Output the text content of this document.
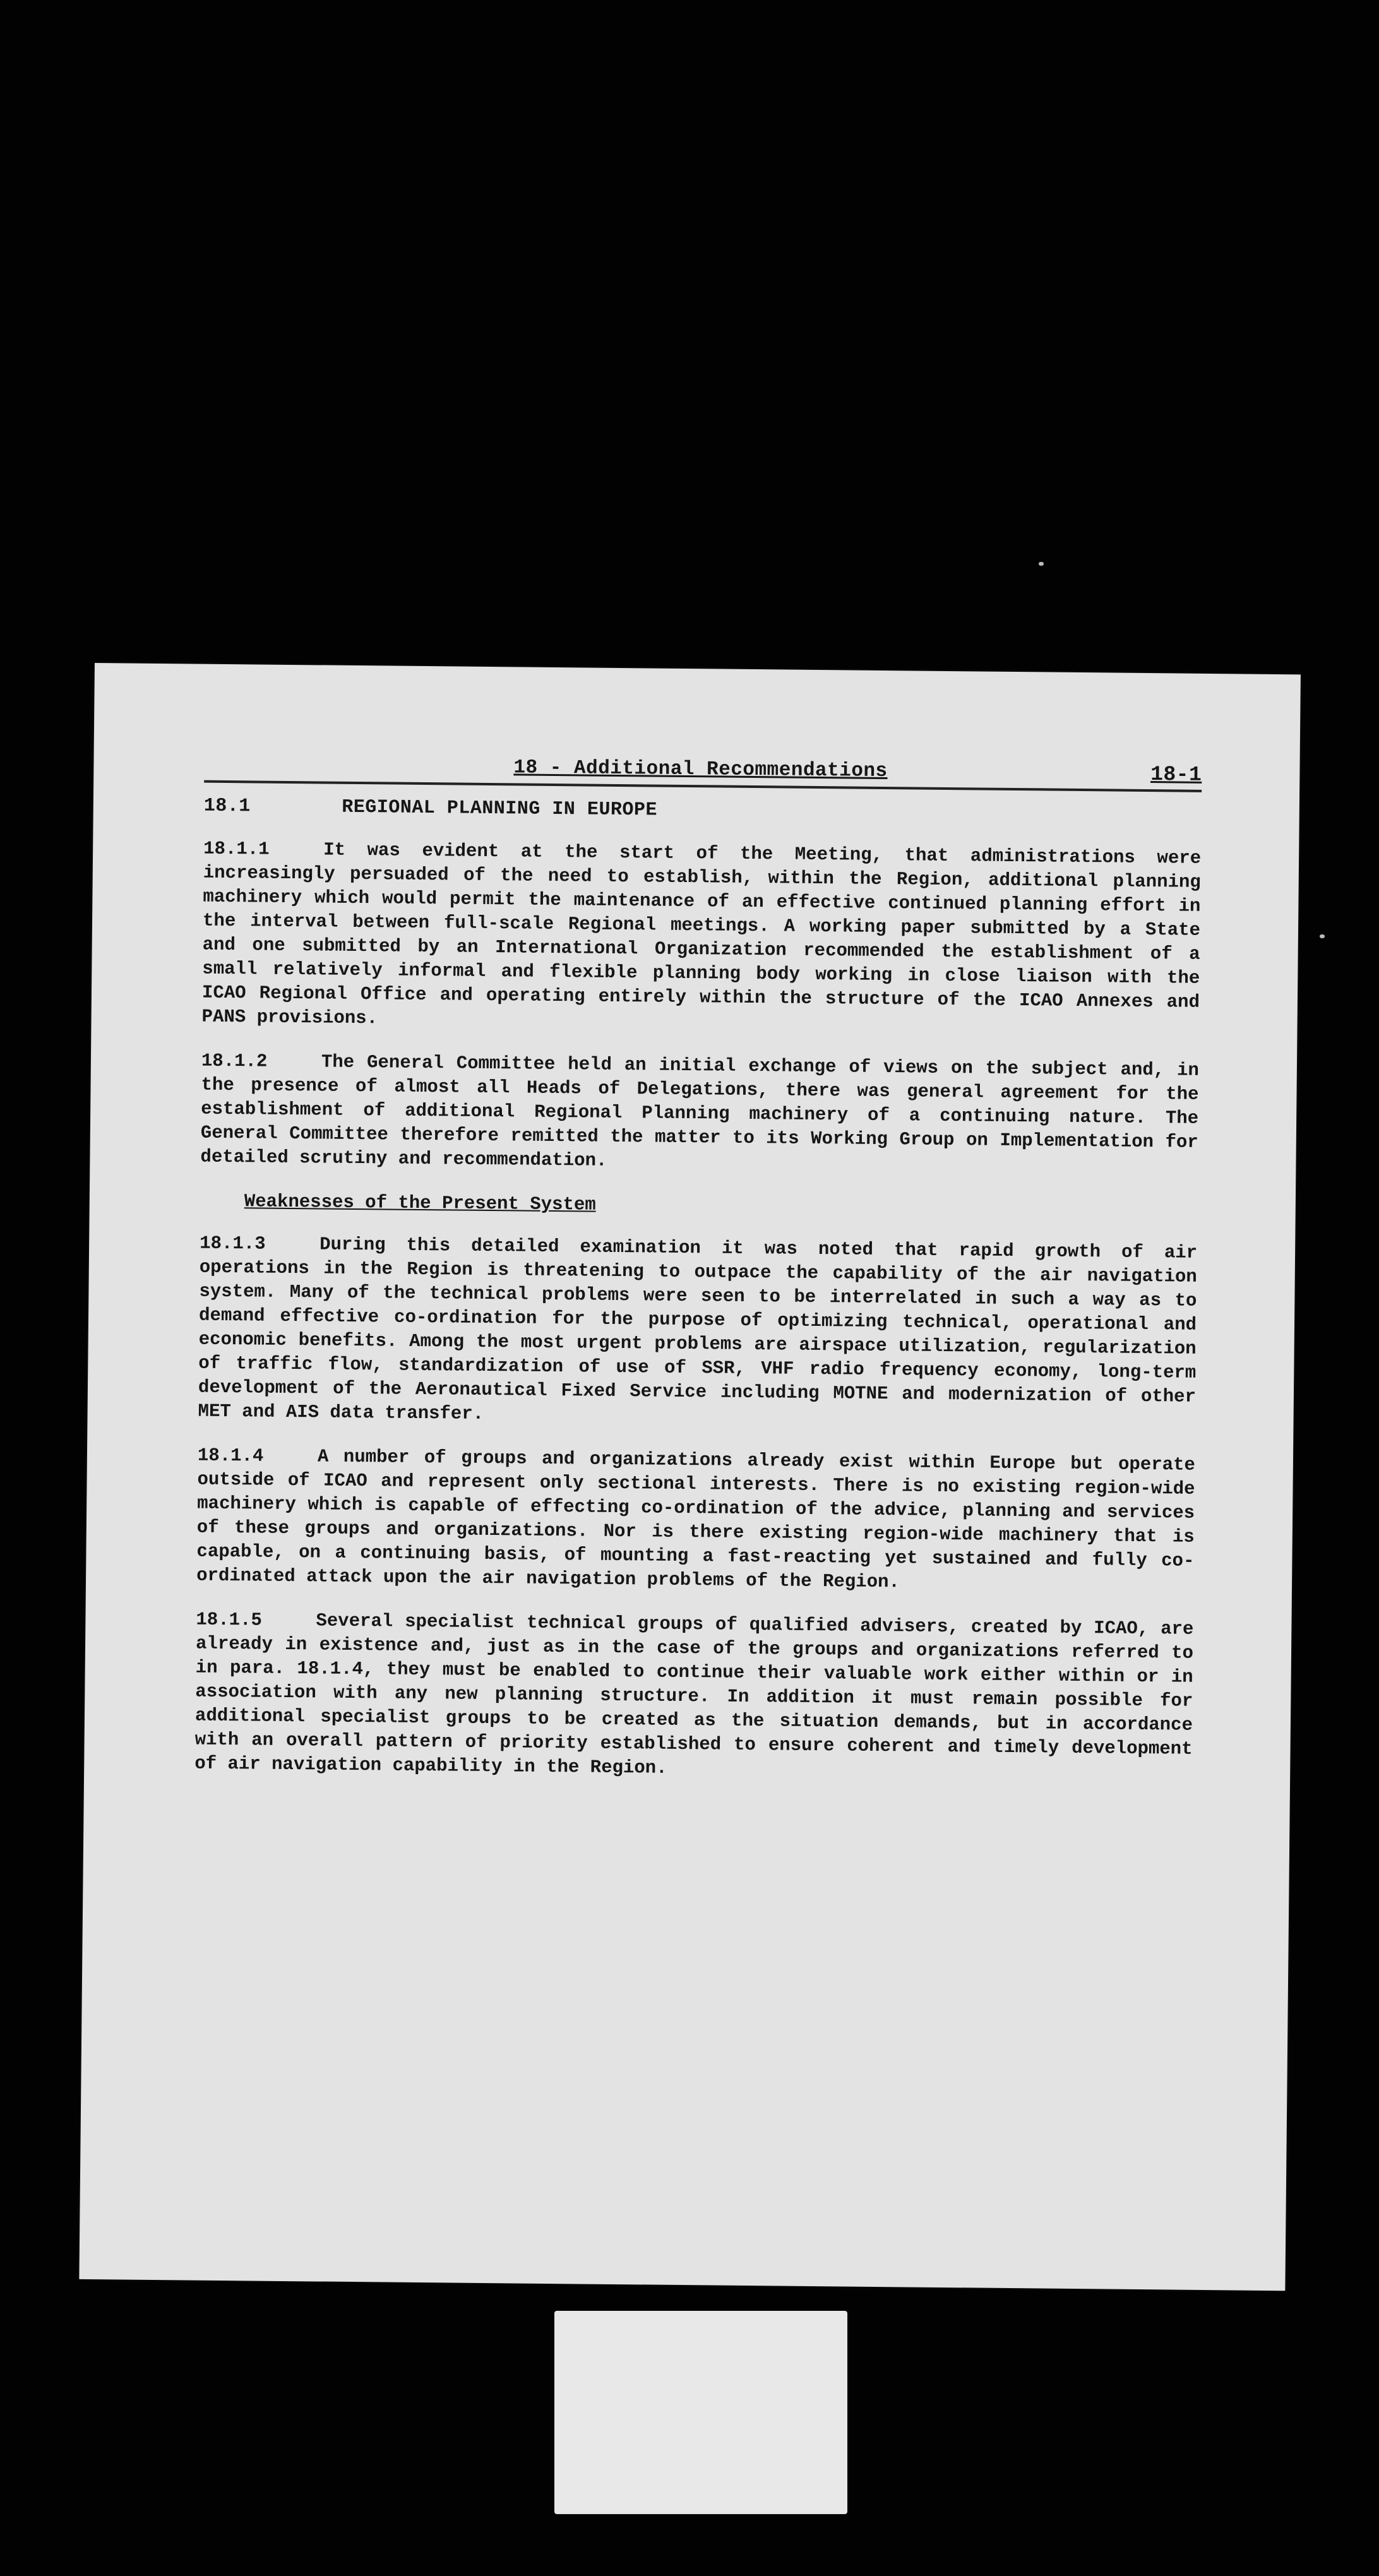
18 - Additional Recommendations	18-1
18.1	REGIONAL PLANNING IN EUROPE
18.1.1	It was evident at the start of the Meeting, that administrations were increasingly persuaded of the need to establish, within the Region, additional planning machinery which would permit the maintenance of an effective continued planning effort in the interval between full-scale Regional meetings. A working paper submitted by a State and one submitted by an International Organization recommended the establishment of a small relatively informal and flexible planning body working in close liaison with the ICAO Regional Office and operating entirely within the structure of the ICAO Annexes and PANS provisions.
18.1.2	The General Committee held an initial exchange of views on the subject and, in the presence of almost all Heads of Delegations, there was general agreement for the establishment of additional Regional Planning machinery of a continuing nature. The General Committee therefore remitted the matter to its Working Group on Implementation for detailed scrutiny and recommendation.
Weaknesses of the Present System
18.1.3	During this detailed examination it was noted that rapid growth of air operations in the Region is threatening to outpace the capability of the air navigation system. Many of the technical problems were seen to be interrelated in such a way as to demand effective co-ordination for the purpose of optimizing technical, operational and economic benefits. Among the most urgent problems are airspace utilization, regularization of traffic flow, standardization of use of SSR, VHF radio frequency economy, long-term development of the Aeronautical Fixed Service including MOTNE and modernization of other MET and AIS data transfer.
18.1.4	A number of groups and organizations already exist within Europe but operate outside of ICAO and represent only sectional interests. There is no existing region-wide machinery which is capable of effecting co-ordination of the advice, planning and services of these groups and organizations. Nor is there existing region-wide machinery that is capable, on a continuing basis, of mounting a fast-reacting yet sustained and fully co-ordinated attack upon the air navigation problems of the Region.
18.1.5	Several specialist technical groups of qualified advisers, created by ICAO, are already in existence and, just as in the case of the groups and organizations referred to in para. 18.1.4, they must be enabled to continue their valuable work either within or in association with any new planning structure. In addition it must remain possible for additional specialist groups to be created as the situation demands, but in accordance with an overall pattern of priority established to ensure coherent and timely development of air navigation capability in the Region.
